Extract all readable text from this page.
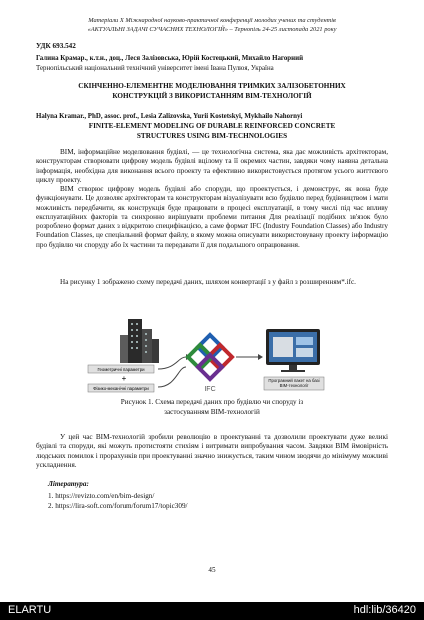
Матеріали X Міжнародної науково-практичної конференції молодих учених та студентів
«АКТУАЛЬНІ ЗАДАЧІ СУЧАСНИХ ТЕХНОЛОГІЙ» – Тернопіль 24-25 листопада 2021 року
УДК 693.542
Галина Крамар., к.т.н., доц., Леся Залізовська, Юрій Костецький, Михайло Нагорний
Тернопільський національний технічний університет імені Івана Пулюя, Україна
СКІНЧЕННО-ЕЛЕМЕНТНЕ МОДЕЛЮВАННЯ ТРИМКИХ ЗАЛІЗОБЕТОННИХ
КОНСТРУКЦІЙ З ВИКОРИСТАННЯМ BIM-ТЕХНОЛОГІЙ
Halyna Kramar., PhD, assoc. prof., Lesia Zalizovska, Yurii Kostetskyi, Mykhailo Nahornyi
FINITE-ELEMENT MODELING OF DURABLE REINFORCED CONCRETE
STRUCTURES USING BIM-TECHNOLOGIES
BIM, інформаційне моделювання будівлі, — це технологічна система, яка дає можливість архітекторам, конструкторам створювати цифрову модель будівлі вцілому та її окремих частин, завдяки чому наявна детальна інформація, необхідна для виконання всього проекту та ефективно використовується протягом усього життєвого циклу проекту.
BIM створює цифрову модель будівлі або споруди, що проектується, і демонструє, як вона буде функціонувати. Це дозволяє архітекторам та конструкторам візуалізувати всю будівлю перед будівництвом і мати можливість передбачити, як конструкція буде працювати в процесі експлуатації, в тому числі під час впливу експлуатаційних факторів та синхронно вирішувати проблеми питання Для реалізації подібних зв'язок було розроблено формат даних з відкритою специфікацією, а саме формат IFC (Industry Foundation Classes) або Industry Foundation Classes, це спеціальний формат файлу, в якому можна описувати використовувану проекту інформацію про будівлю чи споруду або їх частини та передавати її для подальшого опрацювання.
На рисунку 1 зображено схему передачі даних, шляхом конвертації з у файл з розширенням*.ifc.
Геометричні параметри
+
Фізико-механічні параметри	IFC
Програмний пакет на базі BIM-технології
Рисунок 1. Схема передачі даних про будівлю чи споруду із
застосуванням BIM-технологій
У цей час BIM-технологій зробили революцію в проектуванні та дозволили проектувати дуже великі будівлі та споруди, які можуть протистояти стихіям і витримати випробування часом. Завдяки BIM ймовірність людських помилок і прорахунків при проектуванні значно знижується, таким чином зводячи до мінімуму можливі ускладнення.
Література:
1. https://revizto.com/en/bim-design/
2. https://lira-soft.com/forum/forum17/topic309/
45
ELARTU	hdl:lib/36420
